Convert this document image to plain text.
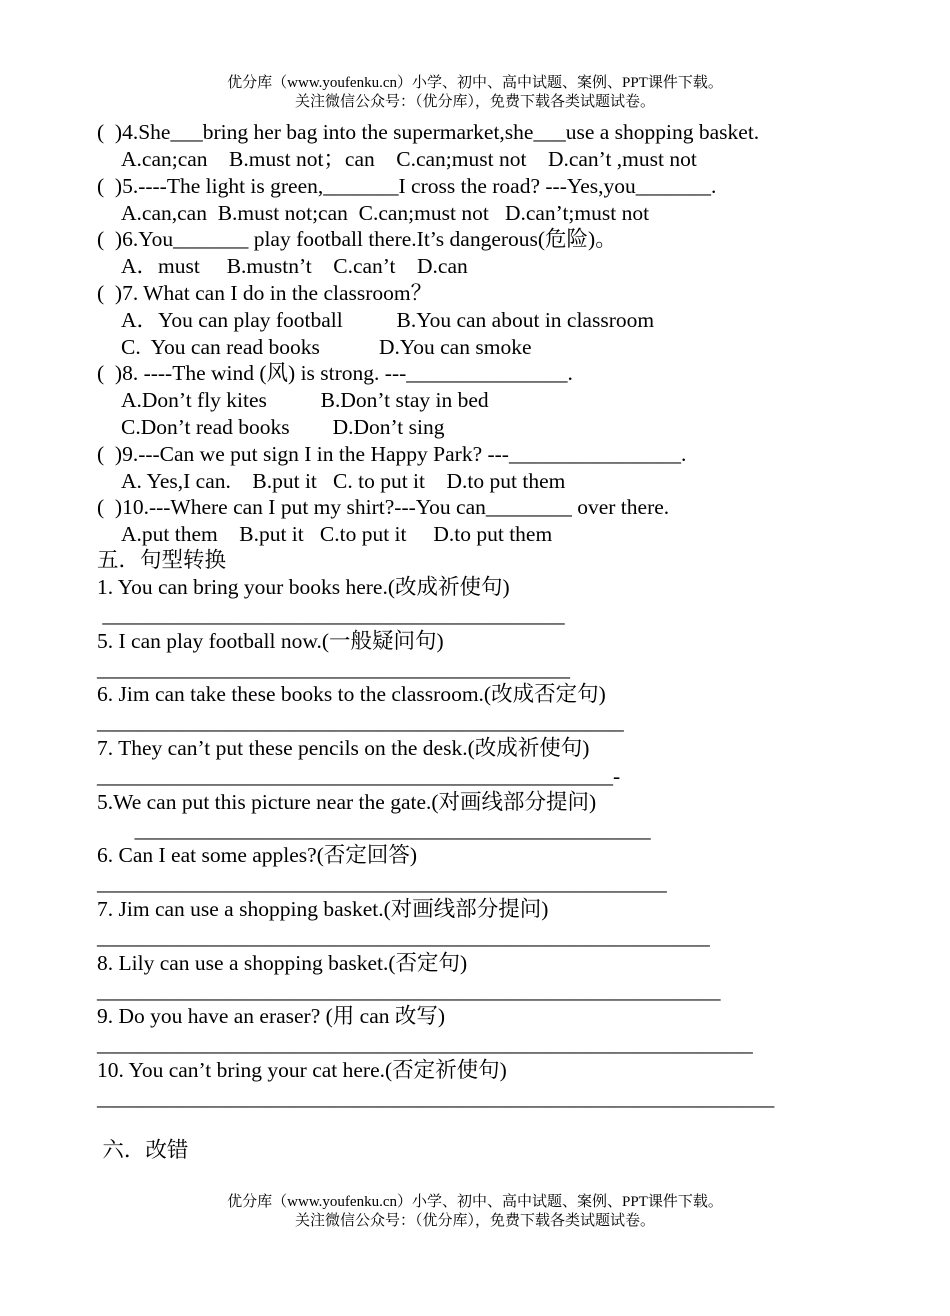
优分库（www.youfenku.cn）小学、初中、高中试题、案例、PPT课件下载。
关注微信公众号：（优分库），免费下载各类试题试卷。
(  )4.She___bring her bag into the supermarket,she___use a shopping basket.
A.can;can    B.must not；can    C.can;must not    D.can’t ,must not
(  )5.----The light is green,_______I cross the road? ---Yes,you_______.
A.can,can  B.must not;can  C.can;must not   D.can’t;must not
(  )6.You_______ play football there.It’s dangerous(危险)。
A．must     B.mustn’t    C.can’t    D.can
(  )7. What can I do in the classroom？
A．You can play football          B.You can about in classroom
C.  You can read books           D.You can smoke
(  )8. ----The wind (风) is strong. ---_______________.
A.Don’t fly kites          B.Don’t stay in bed
C.Don’t read books        D.Don’t sing
(  )9.---Can we put sign I in the Happy Park? ---________________.
A. Yes,I can.    B.put it   C. to put it    D.to put them
(  )10.---Where can I put my shirt?---You can________ over there.
A.put them    B.put it   C.to put it     D.to put them
五．句型转换
1. You can bring your books here.(改成祈使句)
___________________________________________
5. I can play football now.(一般疑问句)
____________________________________________
6. Jim can take these books to the classroom.(改成否定句)
_________________________________________________
7. They can’t put these pencils on the desk.(改成祈使句)
________________________________________________-
5.We can put this picture near the gate.(对画线部分提问)
________________________________________________
6. Can I eat some apples?(否定回答)
_____________________________________________________
7. Jim can use a shopping basket.(对画线部分提问)
_________________________________________________________
8. Lily can use a shopping basket.(否定句)
__________________________________________________________
9. Do you have an eraser? (用 can 改写)
_____________________________________________________________
10. You can’t bring your cat here.(否定祈使句)
_______________________________________________________________
六．改错
优分库（www.youfenku.cn）小学、初中、高中试题、案例、PPT课件下载。
关注微信公众号：（优分库），免费下载各类试题试卷。
